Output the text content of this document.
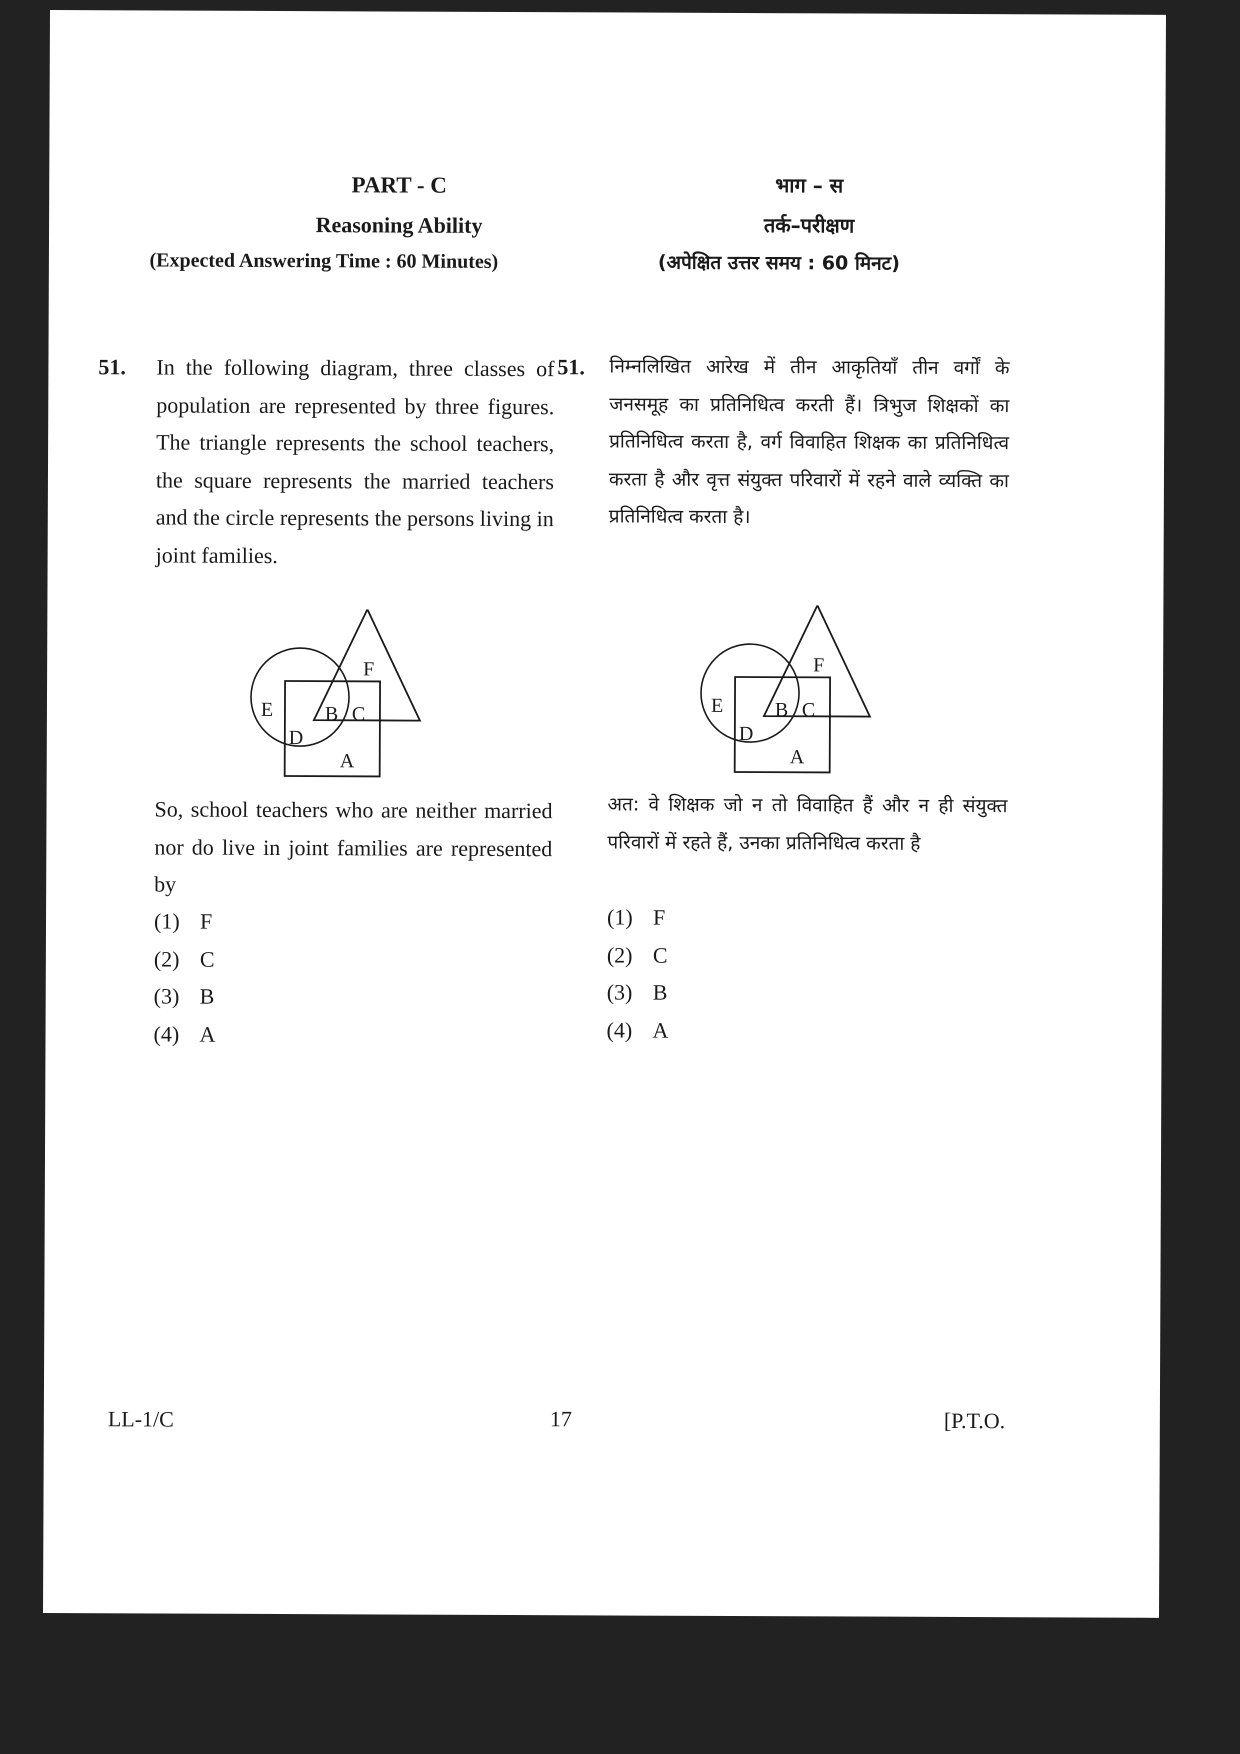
PART - C
Reasoning Ability
(Expected Answering Time : 60 Minutes)
भाग – स
तर्क–परीक्षण
(अपेक्षित उत्तर समय : 60 मिनट)
51. In the following diagram, three classes of population are represented by three figures. The triangle represents the school teachers, the square represents the married teachers and the circle represents the persons living in joint families.
F
E	B C
D
A
So, school teachers who are neither married nor do live in joint families are represented by
(1) F
(2) C
(3) B
(4) A
51. निम्नलिखित आरेख में तीन आकृतियाँ तीन वर्गों के जनसमूह का प्रतिनिधित्व करती हैं। त्रिभुज शिक्षकों का प्रतिनिधित्व करता है, वर्ग विवाहित शिक्षक का प्रतिनिधित्व करता है और वृत्त संयुक्त परिवारों में रहने वाले व्यक्ति का प्रतिनिधित्व करता है।
F
E	B C
D
A
अत: वे शिक्षक जो न तो विवाहित हैं और न ही संयुक्त परिवारों में रहते हैं, उनका प्रतिनिधित्व करता है
(1) F
(2) C
(3) B
(4) A
LL-1/C	17	[P.T.O.
